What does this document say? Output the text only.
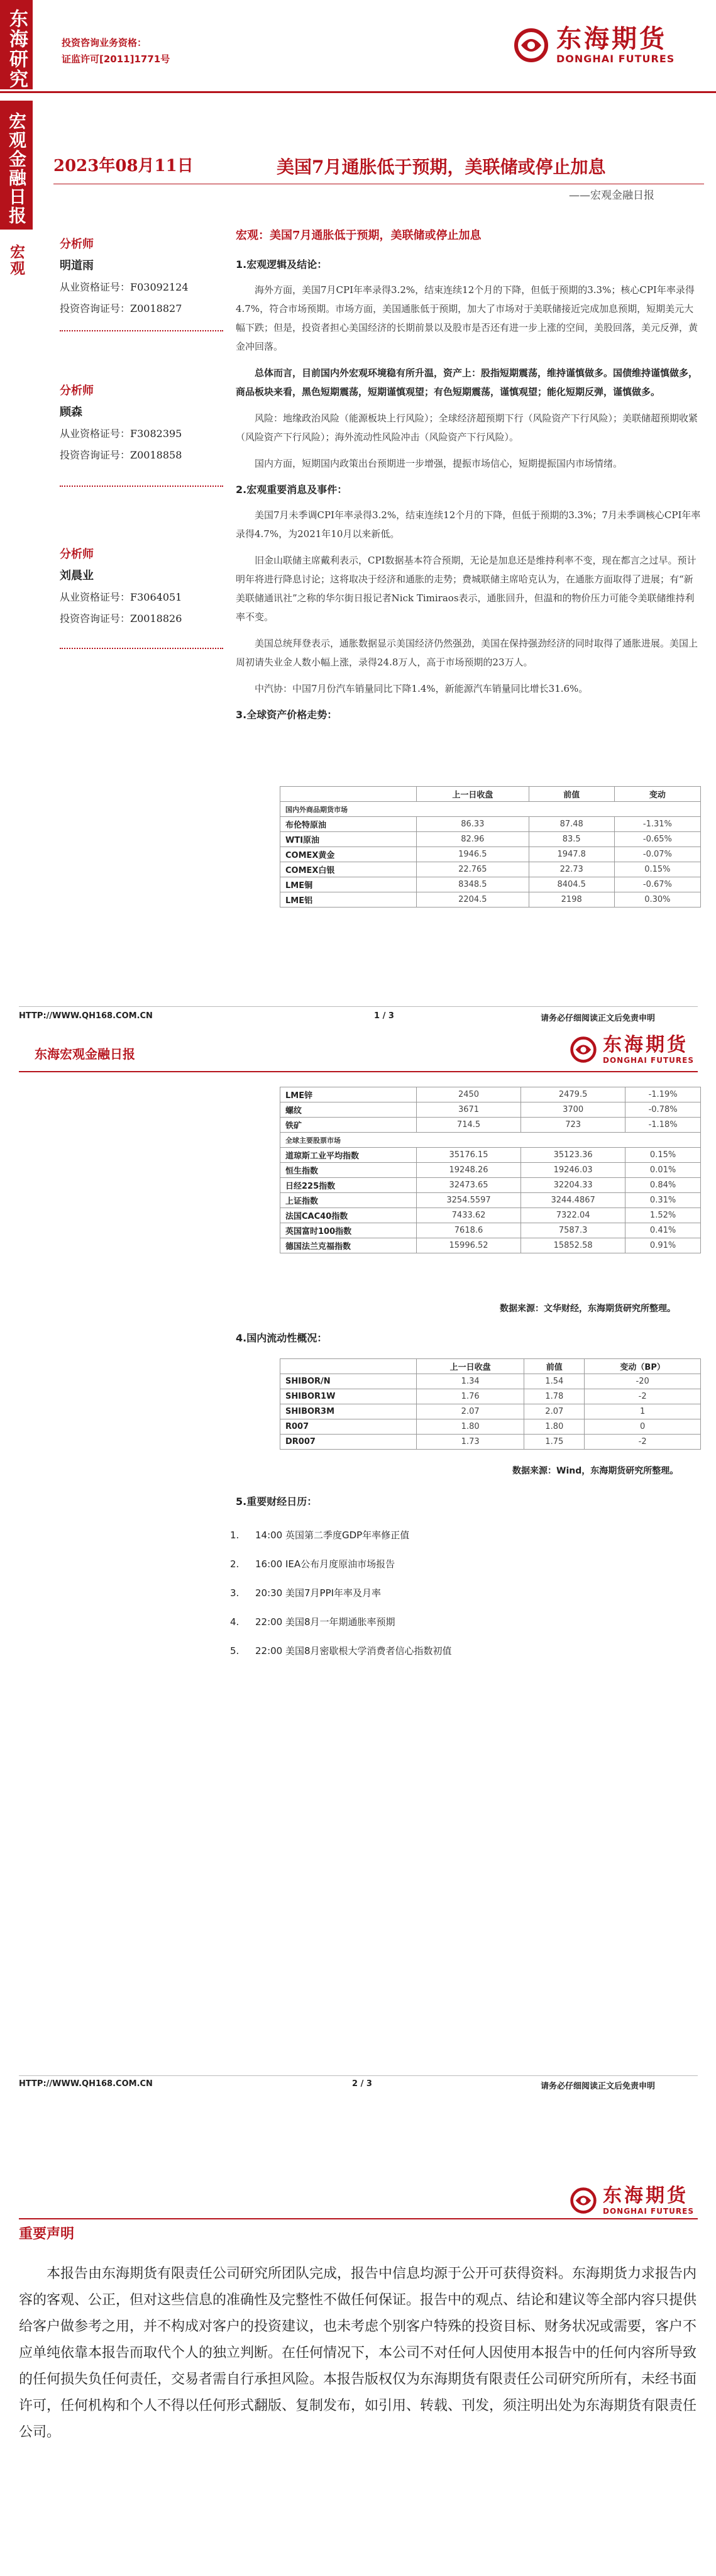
东海研究	投资咨询业务资格：
证监许可[2011]1771号
东海期货
DONGHAI FUTURES
宏观金融日报
宏观
2023年08月11日	美国7月通胀低于预期，美联储或停止加息
——宏观金融日报
分析师
明道雨
从业资格证号：F03092124
投资咨询证号：Z0018827
分析师
顾森
从业资格证号：F3082395
投资咨询证号：Z0018858
分析师
刘晨业
从业资格证号：F3064051
投资咨询证号：Z0018826
宏观：美国7月通胀低于预期，美联储或停止加息
1.宏观逻辑及结论：

海外方面，美国7月CPI年率录得3.2%，结束连续12个月的下降，但低于预期的3.3%；核心CPI年率录得4.7%，符合市场预期。市场方面，美国通胀低于预期，加大了市场对于美联储接近完成加息预期，短期美元大幅下跌；但是，投资者担心美国经济的长期前景以及股市是否还有进一步上涨的空间，美股回落，美元反弹，黄金冲回落。

总体而言，目前国内外宏观环境稳有所升温，资产上：股指短期震荡，维持谨慎做多。国债维持谨慎做多，商品板块来看，黑色短期震荡，短期谨慎观望；有色短期震荡，谨慎观望；能化短期反弹，谨慎做多。

风险：地缘政治风险（能源板块上行风险）；全球经济超预期下行（风险资产下行风险）；美联储超预期收紧（风险资产下行风险）；海外流动性风险冲击（风险资产下行风险）。

国内方面，短期国内政策出台预期进一步增强，提振市场信心，短期提振国内市场情绪。

2.宏观重要消息及事件：

美国7月未季调CPI年率录得3.2%，结束连续12个月的下降，但低于预期的3.3%；7月未季调核心CPI年率录得4.7%，为2021年10月以来新低。

旧金山联储主席戴利表示，CPI数据基本符合预期，无论是加息还是维持利率不变，现在都言之过早。预计明年将进行降息讨论；这将取决于经济和通胀的走势；费城联储主席哈克认为，在通胀方面取得了进展；有“新美联储通讯社”之称的华尔街日报记者Nick Timiraos表示，通胀回升，但温和的物价压力可能令美联储维持利率不变。

美国总统拜登表示，通胀数据显示美国经济仍然强劲，美国在保持强劲经济的同时取得了通胀进展。美国上周初请失业金人数小幅上涨，录得24.8万人，高于市场预期的23万人。

中汽协：中国7月份汽车销量同比下降1.4%，新能源汽车销量同比增长31.6%。

3.全球资产价格走势：
	上一日收盘	前值	变动
国内外商品期货市场			
布伦特原油	86.33	87.48	-1.31%
WTI原油	82.96	83.5	-0.65%
COMEX黄金	1946.5	1947.8	-0.07%
COMEX白银	22.765	22.73	0.15%
LME铜	8348.5	8404.5	-0.67%
LME铝	2204.5	2198	0.30%
HTTP://WWW.QH168.COM.CN	1 / 3	请务必仔细阅读正文后免责申明
东海宏观金融日报	东海期货
DONGHAI FUTURES
LME锌	2450	2479.5	-1.19%
螺纹	3671	3700	-0.78%
铁矿	714.5	723	-1.18%
全球主要股票市场			
道琼斯工业平均指数	35176.15	35123.36	0.15%
恒生指数	19248.26	19246.03	0.01%
日经225指数	32473.65	32204.33	0.84%
上证指数	3254.5597	3244.4867	0.31%
法国CAC40指数	7433.62	7322.04	1.52%
英国富时100指数	7618.6	7587.3	0.41%
德国法兰克福指数	15996.52	15852.58	0.91%
数据来源：文华财经，东海期货研究所整理。
4.国内流动性概况：
	上一日收盘	前值	变动（BP）
SHIBOR/N	1.34	1.54	-20
SHIBOR1W	1.76	1.78	-2
SHIBOR3M	2.07	2.07	1
R007	1.80	1.80	0
DR007	1.73	1.75	-2
数据来源：Wind，东海期货研究所整理。
5.重要财经日历：
1. 14:00 英国第二季度GDP年率修正值
2. 16:00 IEA公布月度原油市场报告
3. 20:30 美国7月PPI年率及月率
4. 22:00 美国8月一年期通胀率预期
5. 22:00 美国8月密歇根大学消费者信心指数初值
HTTP://WWW.QH168.COM.CN	2 / 3	请务必仔细阅读正文后免责申明
东海期货
DONGHAI FUTURES
重要声明
本报告由东海期货有限责任公司研究所团队完成，报告中信息均源于公开可获得资料。东海期货力求报告内容的客观、公正，但对这些信息的准确性及完整性不做任何保证。报告中的观点、结论和建议等全部内容只提供给客户做参考之用，并不构成对客户的投资建议，也未考虑个别客户特殊的投资目标、财务状况或需要，客户不应单纯依靠本报告而取代个人的独立判断。在任何情况下，本公司不对任何人因使用本报告中的任何内容所导致的任何损失负任何责任，交易者需自行承担风险。本报告版权仅为东海期货有限责任公司研究所所有，未经书面许可，任何机构和个人不得以任何形式翻版、复制发布，如引用、转载、刊发，须注明出处为东海期货有限责任公司。
